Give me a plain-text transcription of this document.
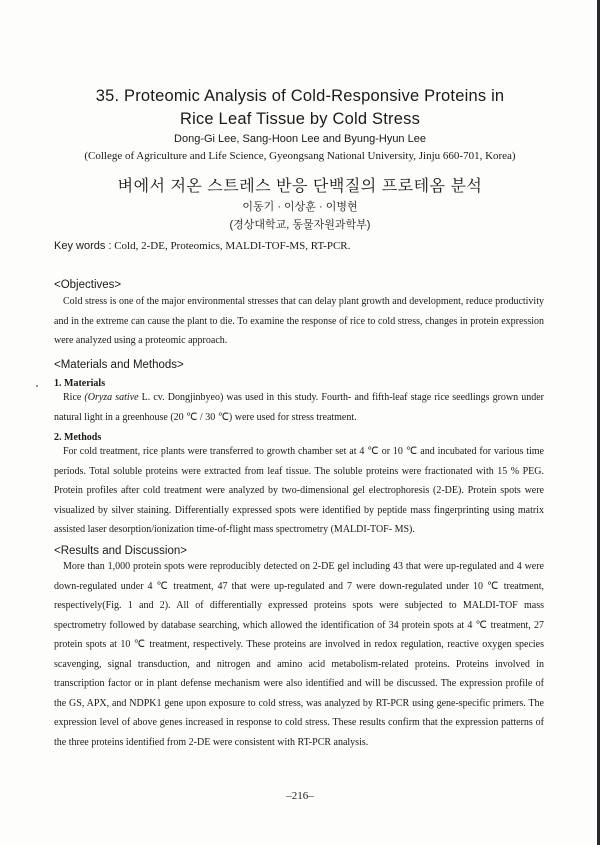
35. Proteomic Analysis of Cold-Responsive Proteins in
Rice Leaf Tissue by Cold Stress
Dong-Gi Lee, Sang-Hoon Lee and Byung-Hyun Lee
(College of Agriculture and Life Science, Gyeongsang National University, Jinju 660-701, Korea)
벼에서 저온 스트레스 반응 단백질의 프로테옴 분석
이동기 · 이상훈 · 이병현
(경상대학교, 동물자원과학부)
Key words : Cold, 2-DE, Proteomics, MALDI-TOF-MS, RT-PCR.
<Objectives>
Cold stress is one of the major environmental stresses that can delay plant growth and development, reduce productivity and in the extreme can cause the plant to die. To examine the response of rice to cold stress, changes in protein expression were analyzed using a proteomic approach.
<Materials and Methods>
1. Materials
Rice (Oryza sative L. cv. Dongjinbyeo) was used in this study. Fourth- and fifth-leaf stage rice seedlings grown under natural light in a greenhouse (20 ℃ / 30 ℃) were used for stress treatment.
2. Methods
For cold treatment, rice plants were transferred to growth chamber set at 4 ℃ or 10 ℃ and incubated for various time periods. Total soluble proteins were extracted from leaf tissue. The soluble proteins were fractionated with 15 % PEG. Protein profiles after cold treatment were analyzed by two-dimensional gel electrophoresis (2-DE). Protein spots were visualized by silver staining. Differentially expressed spots were identified by peptide mass fingerprinting using matrix assisted laser desorption/ionization time-of-flight mass spectrometry (MALDI-TOF- MS).
<Results and Discussion>
More than 1,000 protein spots were reproducibly detected on 2-DE gel including 43 that were up-regulated and 4 were down-regulated under 4 ℃ treatment, 47 that were up-regulated and 7 were down-regulated under 10 ℃ treatment, respectively(Fig. 1 and 2). All of differentially expressed proteins spots were subjected to MALDI-TOF mass spectrometry followed by database searching, which allowed the identification of 34 protein spots at 4 ℃ treatment, 27 protein spots at 10 ℃ treatment, respectively. These proteins are involved in redox regulation, reactive oxygen species scavenging, signal transduction, and nitrogen and amino acid metabolism-related proteins. Proteins involved in transcription factor or in plant defense mechanism were also identified and will be discussed. The expression profile of the GS, APX, and NDPK1 gene upon exposure to cold stress, was analyzed by RT-PCR using gene-specific primers. The expression level of above genes increased in response to cold stress. These results confirm that the expression patterns of the three proteins identified from 2-DE were consistent with RT-PCR analysis.
–216–
